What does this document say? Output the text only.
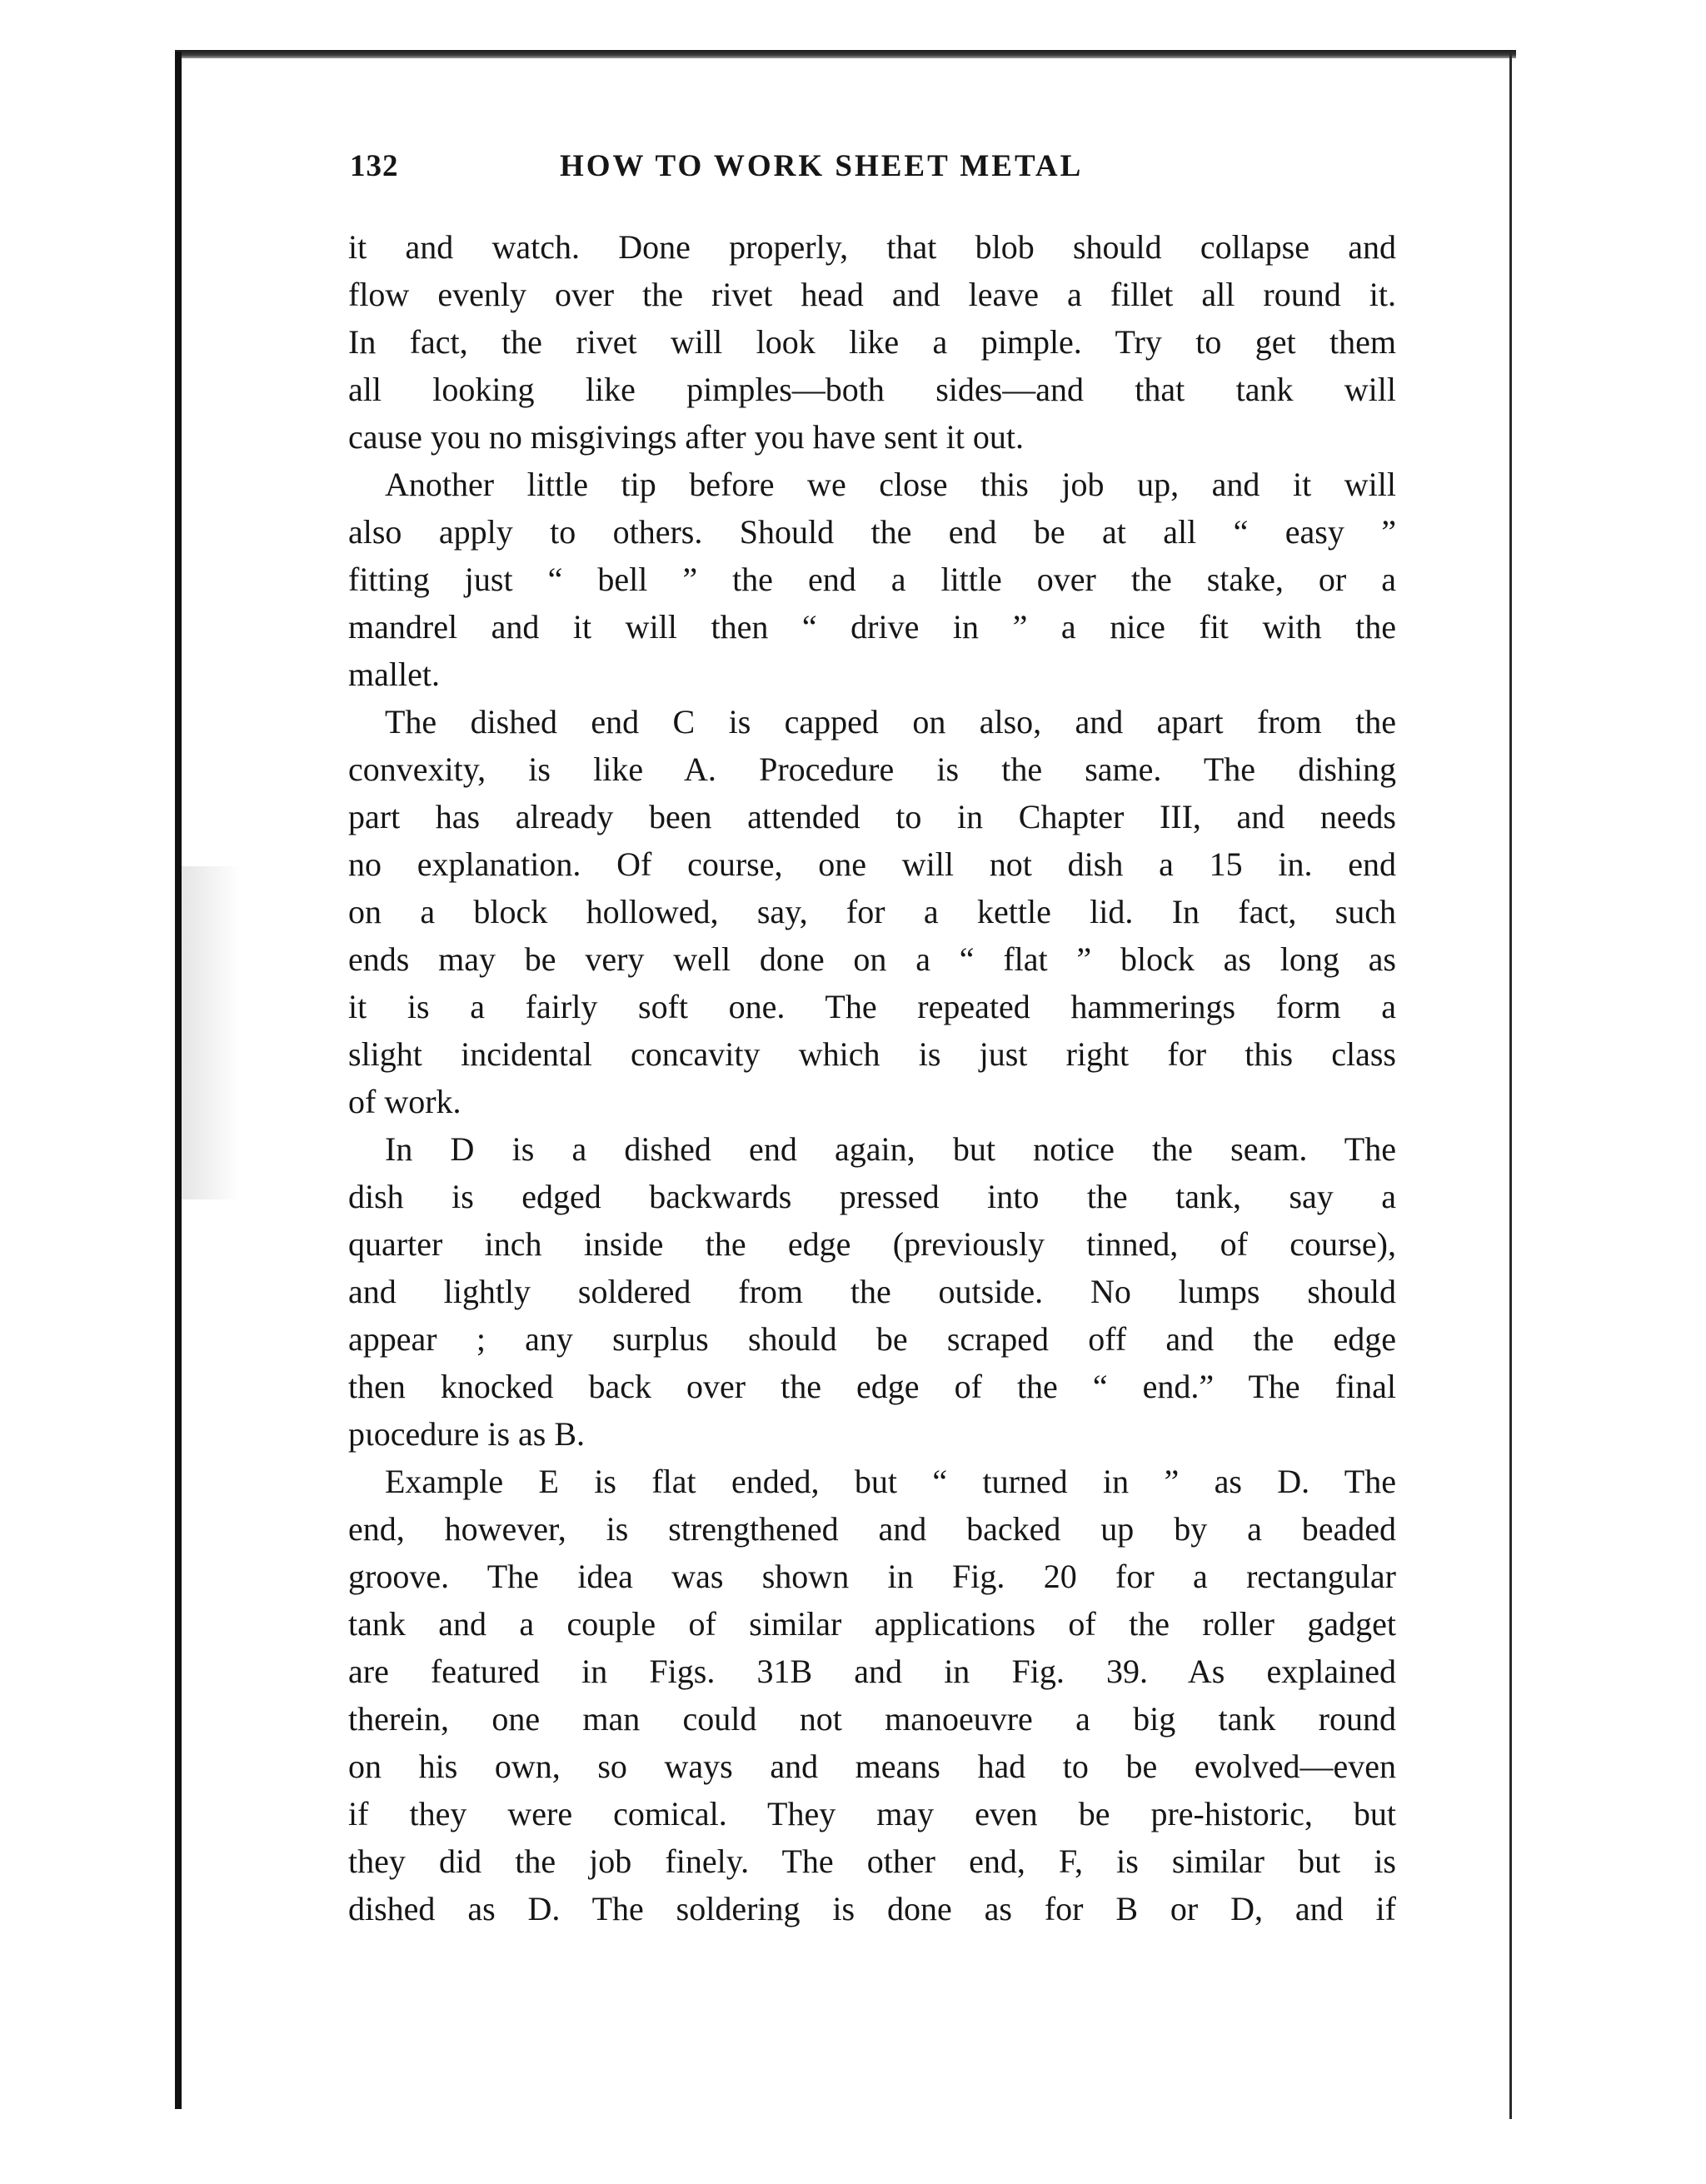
132	HOW TO WORK SHEET METAL
it and watch. Done properly, that blob should collapse and
flow evenly over the rivet head and leave a fillet all round it.
In fact, the rivet will look like a pimple. Try to get them
all looking like pimples—both sides—and that tank will
cause you no misgivings after you have sent it out.
Another little tip before we close this job up, and it will
also apply to others. Should the end be at all “ easy ”
fitting just “ bell ” the end a little over the stake, or a
mandrel and it will then “ drive in ” a nice fit with the
mallet.
The dished end C is capped on also, and apart from the
convexity, is like A. Procedure is the same. The dishing
part has already been attended to in Chapter III, and needs
no explanation. Of course, one will not dish a 15 in. end
on a block hollowed, say, for a kettle lid. In fact, such
ends may be very well done on a “ flat ” block as long as
it is a fairly soft one. The repeated hammerings form a
slight incidental concavity which is just right for this class
of work.
In D is a dished end again, but notice the seam. The
dish is edged backwards pressed into the tank, say a
quarter inch inside the edge (previously tinned, of course),
and lightly soldered from the outside. No lumps should
appear ; any surplus should be scraped off and the edge
then knocked back over the edge of the “ end.” The final
pιocedure is as B.
Example E is flat ended, but “ turned in ” as D. The
end, however, is strengthened and backed up by a beaded
groove. The idea was shown in Fig. 20 for a rectangular
tank and a couple of similar applications of the roller gadget
are featured in Figs. 31B and in Fig. 39. As explained
therein, one man could not manoeuvre a big tank round
on his own, so ways and means had to be evolved—even
if they were comical. They may even be pre-historic, but
they did the job finely. The other end, F, is similar but is
dished as D. The soldering is done as for B or D, and if
